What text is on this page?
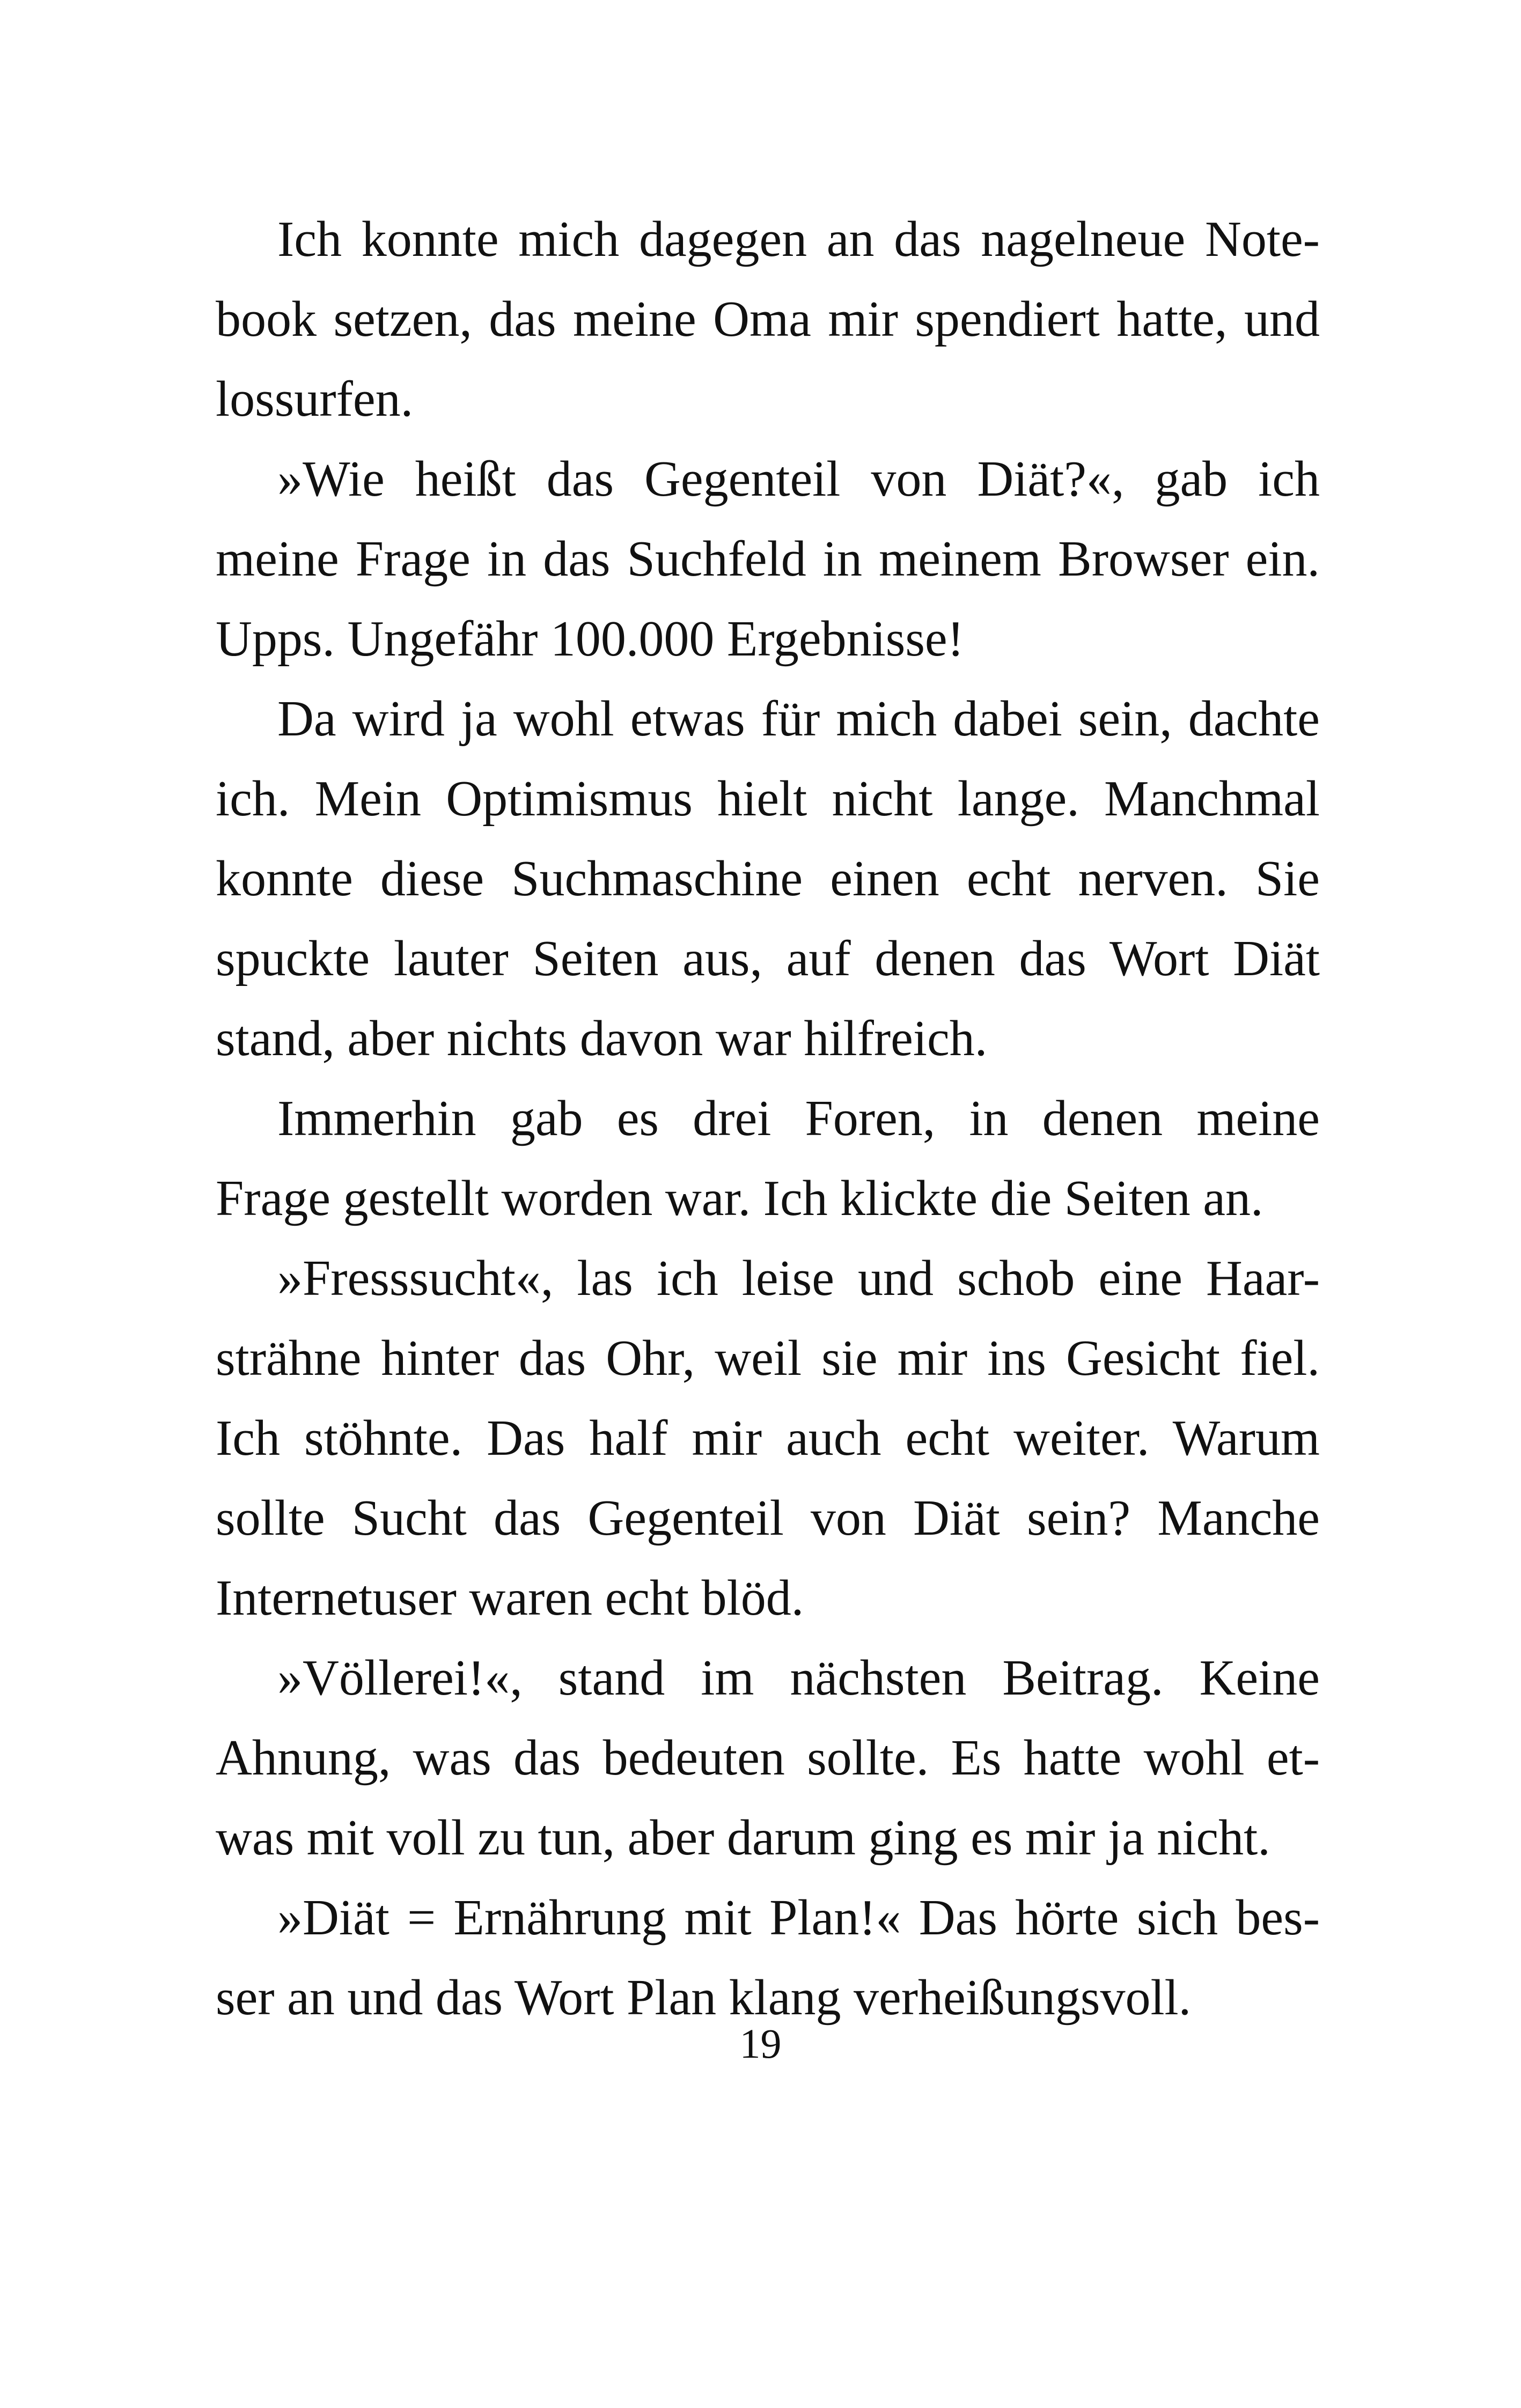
Ich konnte mich dagegen an das nagelneue Note-
book setzen, das meine Oma mir spendiert hatte, und
lossurfen.
»Wie heißt das Gegenteil von Diät?«, gab ich
meine Frage in das Suchfeld in meinem Browser ein.
Upps. Ungefähr 100.000 Ergebnisse!
Da wird ja wohl etwas für mich dabei sein, dachte
ich. Mein Optimismus hielt nicht lange. Manchmal
konnte diese Suchmaschine einen echt nerven. Sie
spuckte lauter Seiten aus, auf denen das Wort Diät
stand, aber nichts davon war hilfreich.
Immerhin gab es drei Foren, in denen meine
Frage gestellt worden war. Ich klickte die Seiten an.
»Fresssucht«, las ich leise und schob eine Haar-
strähne hinter das Ohr, weil sie mir ins Gesicht fiel.
Ich stöhnte. Das half mir auch echt weiter. Warum
sollte Sucht das Gegenteil von Diät sein? Manche
Internetuser waren echt blöd.
»Völlerei!«, stand im nächsten Beitrag. Keine
Ahnung, was das bedeuten sollte. Es hatte wohl et-
was mit voll zu tun, aber darum ging es mir ja nicht.
»Diät = Ernährung mit Plan!« Das hörte sich bes-
ser an und das Wort Plan klang verheißungsvoll.
19
